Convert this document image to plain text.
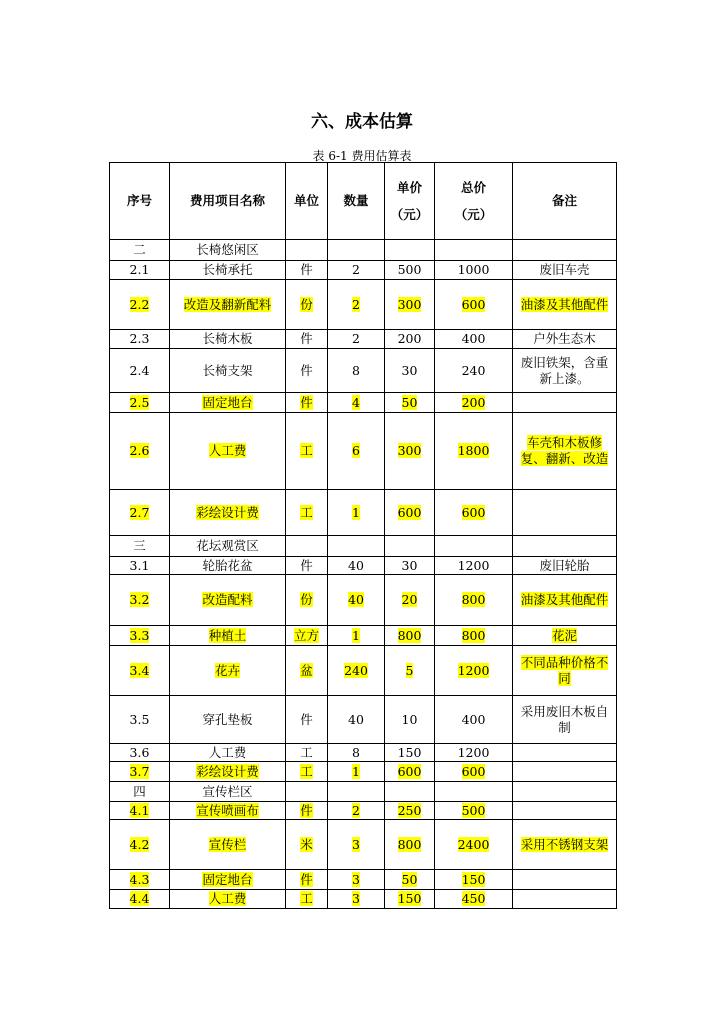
六、成本估算
表 6-1 费用估算表
序号	费用项目名称	单位	数量	单价（元）	总价（元）	备注
二	长椅悠闲区					
2.1	长椅承托	件	2	500	1000	废旧车壳
2.2	改造及翻新配料	份	2	300	600	油漆及其他配件
2.3	长椅木板	件	2	200	400	户外生态木
2.4	长椅支架	件	8	30	240	废旧铁架，含重新上漆。
2.5	固定地台	件	4	50	200	
2.6	人工费	工	6	300	1800	车壳和木板修复、翻新、改造
2.7	彩绘设计费	工	1	600	600	
三	花坛观赏区					
3.1	轮胎花盆	件	40	30	1200	废旧轮胎
3.2	改造配料	份	40	20	800	油漆及其他配件
3.3	种植土	立方	1	800	800	花泥
3.4	花卉	盆	240	5	1200	不同品种价格不同
3.5	穿孔垫板	件	40	10	400	采用废旧木板自制
3.6	人工费	工	8	150	1200	
3.7	彩绘设计费	工	1	600	600	
四	宣传栏区					
4.1	宣传喷画布	件	2	250	500	
4.2	宣传栏	米	3	800	2400	采用不锈钢支架
4.3	固定地台	件	3	50	150	
4.4	人工费	工	3	150	450	
